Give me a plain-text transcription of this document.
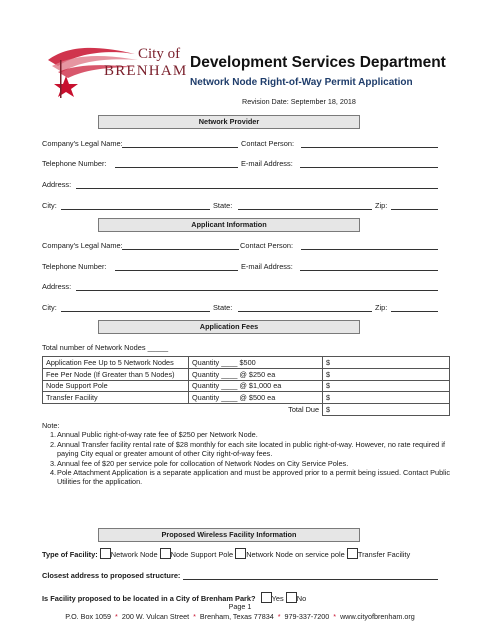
City of
BRENHAM Development Services Department
Network Node Right-of-Way Permit Application
Revision Date: September 18, 2018
Network Provider
Company's Legal Name:	Contact Person:
Telephone Number:	E-mail Address:
Address:
City:	State:	Zip:
Applicant Information
Company's Legal Name:	Contact Person:
Telephone Number:	E-mail Address:
Address:
City:	State:	Zip:
Application Fees
Total number of Network Nodes _____
Application Fee Up to 5 Network Nodes	Quantity ____ $500	$
Fee Per Node (If Greater than 5 Nodes)	Quantity ____ @ $250 ea	$
Node Support Pole	Quantity ____ @ $1,000 ea	$
Transfer Facility	Quantity ____ @ $500 ea	$
	Total Due	$
Note:
1. Annual Public right-of-way rate fee of $250 per Network Node.
2. Annual Transfer facility rental rate of $28 monthly for each site located in public right-of-way. However, no rate required if paying City equal or greater amount of other City right-of-way fees.
3. Annual fee of $20 per service pole for collocation of Network Nodes on City Service Poles.
4. Pole Attachment Application is a separate application and must be approved prior to a permit being issued. Contact Public Utilities for the application.
Proposed Wireless Facility Information
Type of Facility: Network Node Node Support Pole Network Node on service pole Transfer Facility
Closest address to proposed structure:
Is Facility proposed to be located in a City of Brenham Park? Yes No
Page 1
P.O. Box 1059  *  200 W. Vulcan Street  *  Brenham, Texas 77834  *  979-337-7200  *  www.cityofbrenham.org
